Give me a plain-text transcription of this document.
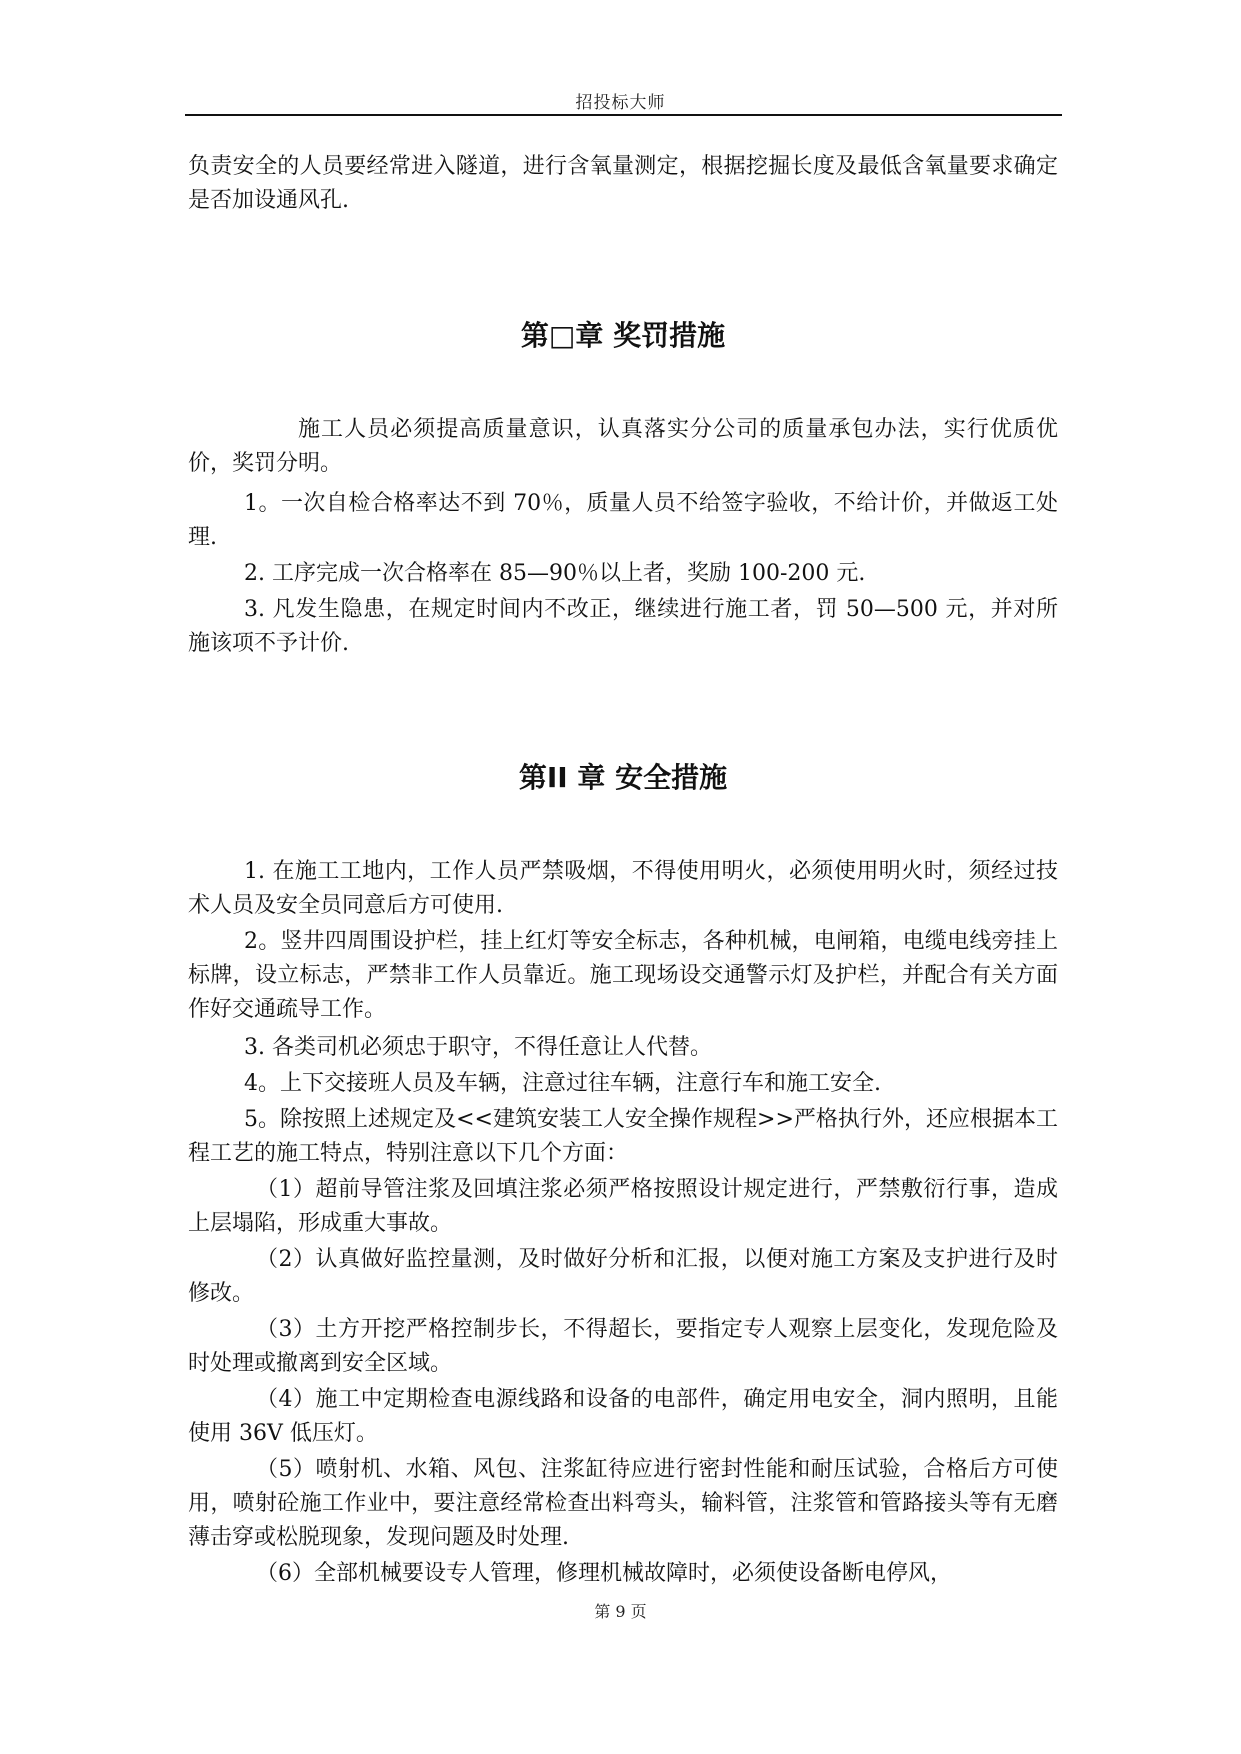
招投标大师

负责安全的人员要经常进入隧道，进行含氧量测定，根据挖掘长度及最低含氧量要求确定是否加设通风孔.

第□章 奖罚措施

施工人员必须提高质量意识，认真落实分公司的质量承包办法，实行优质优价，奖罚分明。

1。一次自检合格率达不到 70％，质量人员不给签字验收，不给计价，并做返工处理.

2. 工序完成一次合格率在 85—90％以上者，奖励 100-200 元.

3. 凡发生隐患，在规定时间内不改正，继续进行施工者，罚 50—500 元，并对所施该项不予计价.

第II 章 安全措施

1. 在施工工地内，工作人员严禁吸烟，不得使用明火，必须使用明火时，须经过技术人员及安全员同意后方可使用.

2。竖井四周围设护栏，挂上红灯等安全标志，各种机械，电闸箱，电缆电线旁挂上标牌，设立标志，严禁非工作人员靠近。施工现场设交通警示灯及护栏，并配合有关方面作好交通疏导工作。

3. 各类司机必须忠于职守，不得任意让人代替。

4。上下交接班人员及车辆，注意过往车辆，注意行车和施工安全.

5。除按照上述规定及<<建筑安装工人安全操作规程>>严格执行外，还应根据本工程工艺的施工特点，特别注意以下几个方面：

（1）超前导管注浆及回填注浆必须严格按照设计规定进行，严禁敷衍行事，造成上层塌陷，形成重大事故。

（2）认真做好监控量测，及时做好分析和汇报，以便对施工方案及支护进行及时修改。

（3）土方开挖严格控制步长，不得超长，要指定专人观察上层变化，发现危险及时处理或撤离到安全区域。

（4）施工中定期检查电源线路和设备的电部件，确定用电安全，洞内照明，且能使用 36V 低压灯。

（5）喷射机、水箱、风包、注浆缸待应进行密封性能和耐压试验，合格后方可使用，喷射砼施工作业中，要注意经常检查出料弯头，输料管，注浆管和管路接头等有无磨薄击穿或松脱现象，发现问题及时处理.

（6）全部机械要设专人管理，修理机械故障时，必须使设备断电停风，

第 9 页
